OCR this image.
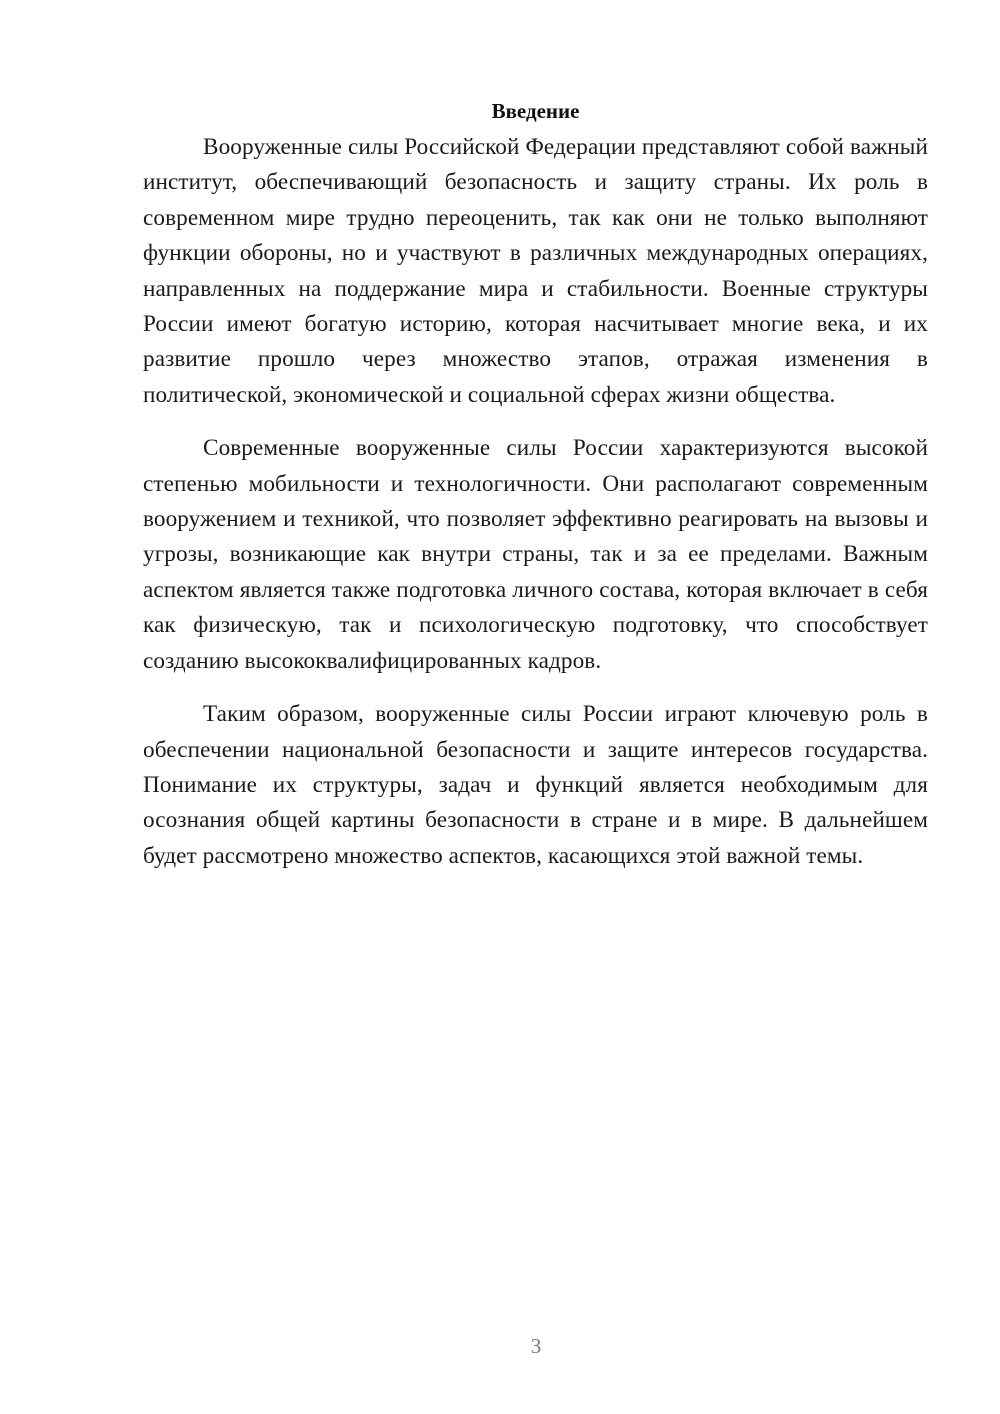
Введение

Вооруженные силы Российской Федерации представляют собой важный институт, обеспечивающий безопасность и защиту страны. Их роль в современном мире трудно переоценить, так как они не только выполняют функции обороны, но и участвуют в различных международных операциях, направленных на поддержание мира и стабильности. Военные структуры России имеют богатую историю, которая насчитывает многие века, и их развитие прошло через множество этапов, отражая изменения в политической, экономической и социальной сферах жизни общества.

Современные вооруженные силы России характеризуются высокой степенью мобильности и технологичности. Они располагают современным вооружением и техникой, что позволяет эффективно реагировать на вызовы и угрозы, возникающие как внутри страны, так и за ее пределами. Важным аспектом является также подготовка личного состава, которая включает в себя как физическую, так и психологическую подготовку, что способствует созданию высококвалифицированных кадров.

Таким образом, вооруженные силы России играют ключевую роль в обеспечении национальной безопасности и защите интересов государства. Понимание их структуры, задач и функций является необходимым для осознания общей картины безопасности в стране и в мире. В дальнейшем будет рассмотрено множество аспектов, касающихся этой важной темы.

3
